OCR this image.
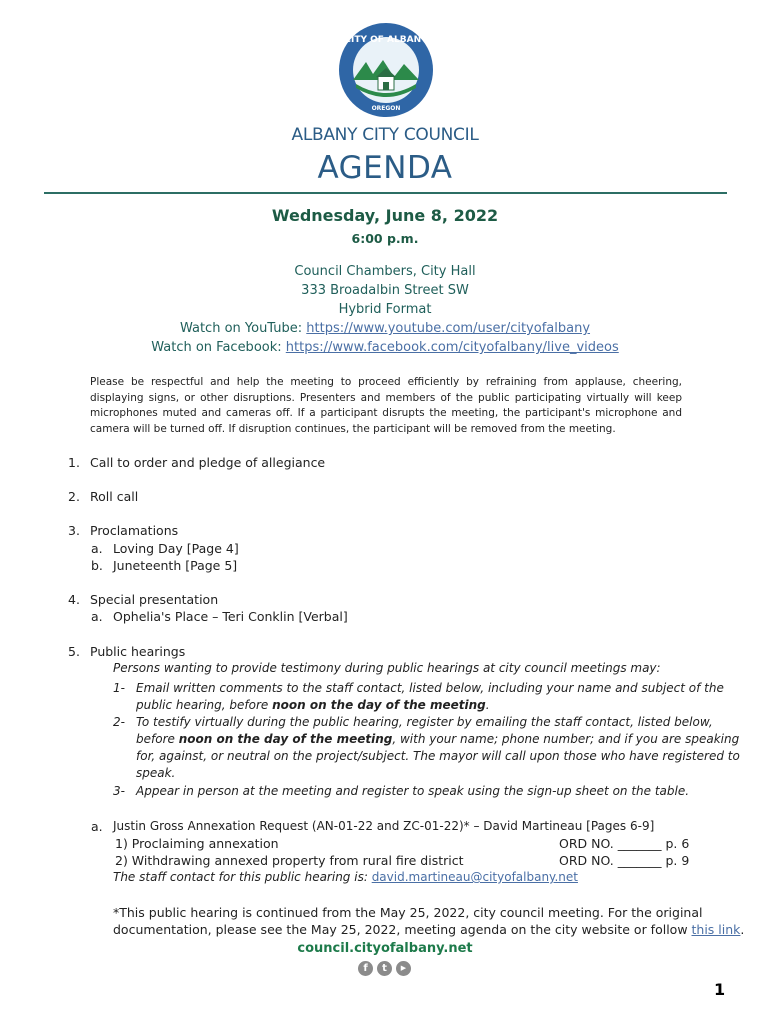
CITY OF ALBANY
OREGON
ALBANY CITY COUNCIL
AGENDA
Wednesday, June 8, 2022
6:00 p.m.
Council Chambers, City Hall
333 Broadalbin Street SW
Hybrid Format
Watch on YouTube: https://www.youtube.com/user/cityofalbany
Watch on Facebook: https://www.facebook.com/cityofalbany/live_videos
Please be respectful and help the meeting to proceed efficiently by refraining from applause, cheering, displaying signs, or other disruptions. Presenters and members of the public participating virtually will keep microphones muted and cameras off. If a participant disrupts the meeting, the participant's microphone and camera will be turned off. If disruption continues, the participant will be removed from the meeting.
1. Call to order and pledge of allegiance
2. Roll call
3. Proclamations
a. Loving Day [Page 4]
b. Juneteenth [Page 5]
4. Special presentation
a. Ophelia's Place – Teri Conklin [Verbal]
5. Public hearings
Persons wanting to provide testimony during public hearings at city council meetings may:
1- Email written comments to the staff contact, listed below, including your name and subject of the
public hearing, before noon on the day of the meeting.
2- To testify virtually during the public hearing, register by emailing the staff contact, listed below,
before noon on the day of the meeting, with your name; phone number; and if you are speaking
for, against, or neutral on the project/subject. The mayor will call upon those who have registered to
speak.
3- Appear in person at the meeting and register to speak using the sign-up sheet on the table.
a. Justin Gross Annexation Request (AN-01-22 and ZC-01-22)* – David Martineau [Pages 6-9]
1) Proclaiming annexation	ORD NO. _______ p. 6
2) Withdrawing annexed property from rural fire district	ORD NO. _______ p. 9
The staff contact for this public hearing is: david.martineau@cityofalbany.net
*This public hearing is continued from the May 25, 2022, city council meeting. For the original
documentation, please see the May 25, 2022, meeting agenda on the city website or follow this link.
council.cityofalbany.net
f	t	▶
1
